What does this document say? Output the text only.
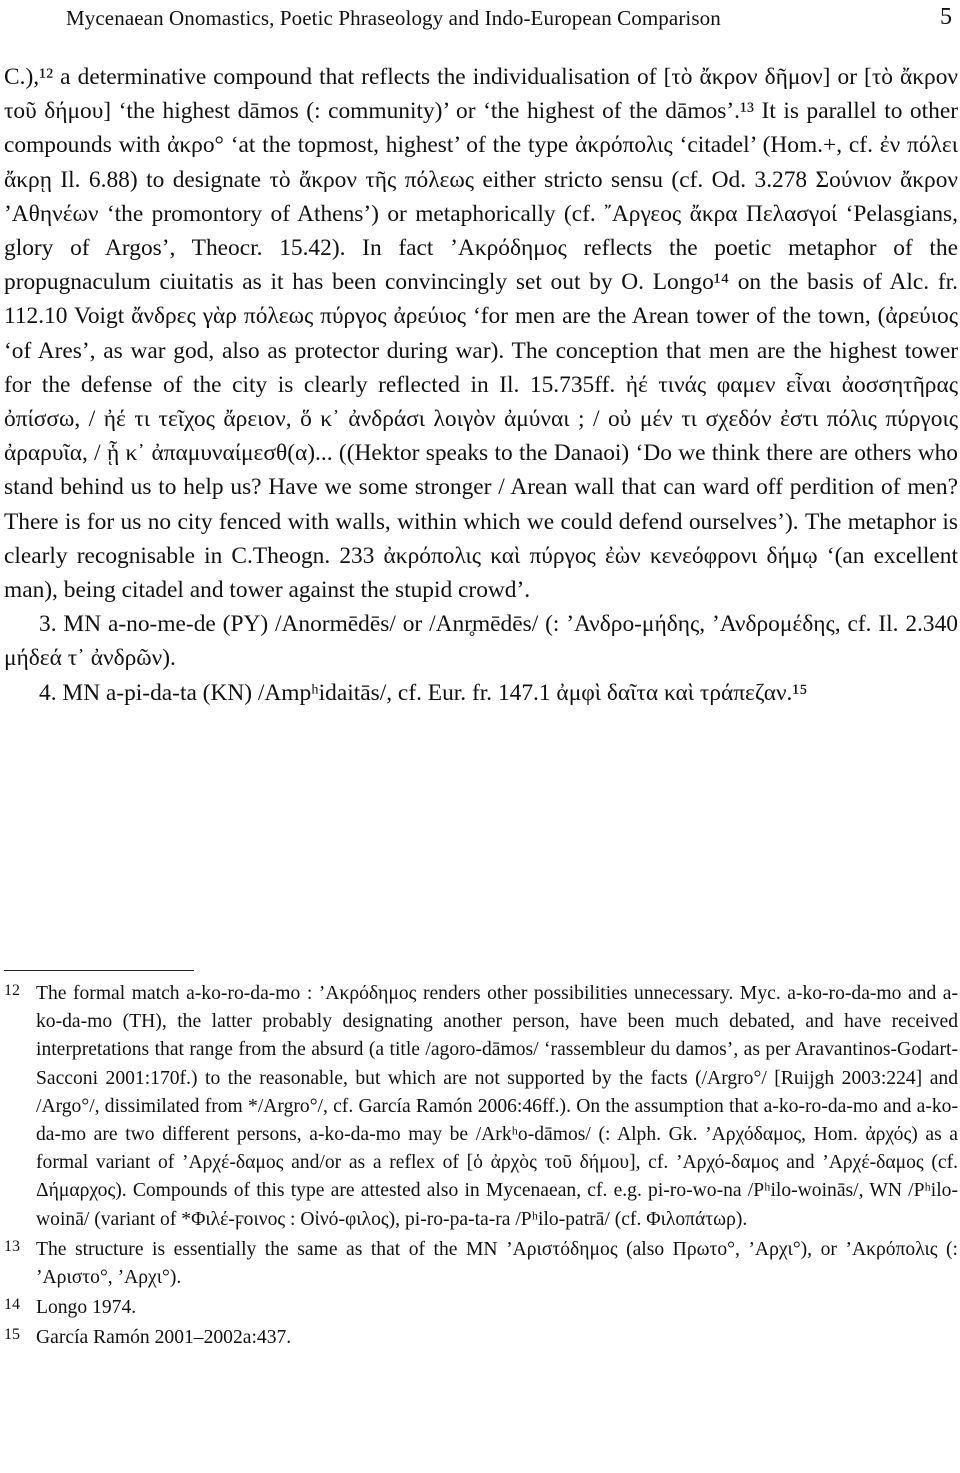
Mycenaean Onomastics, Poetic Phraseology and Indo-European Comparison	5

C.),¹² a determinative compound that reflects the individualisation of [τὸ ἄκρον δῆμον] or [τὸ ἄκρον τοῦ δήμου] ‘the highest dāmos (: community)’ or ‘the highest of the dāmos’.¹³ It is parallel to other compounds with ἀκρο° ‘at the topmost, highest’ of the type ἀκρόπολις ‘citadel’ (Hom.+, cf. ἐν πόλει ἄκρῃ Il. 6.88) to designate τὸ ἄκρον τῆς πόλεως either stricto sensu (cf. Od. 3.278 Σούνιον ἄκρον ’Αθηνέων ‘the promontory of Athens’) or metaphorically (cf. ῎Αργεος ἄκρα Πελασγοί ‘Pelasgians, glory of Argos’, Theocr. 15.42). In fact ’Ακρόδημος reflects the poetic metaphor of the propugnaculum ciuitatis as it has been convincingly set out by O. Longo¹⁴ on the basis of Alc. fr. 112.10 Voigt ἄνδρες γὰρ πόλεως πύργος ἀρεύιος ‘for men are the Arean tower of the town, (ἀρεύιος ‘of Ares’, as war god, also as protector during war). The conception that men are the highest tower for the defense of the city is clearly reflected in Il. 15.735ff. ἠέ τινάς φαμεν εἶναι ἀοσσητῆρας ὀπίσσω, / ἠέ τι τεῖχος ἄρειον, ὅ κ᾽ ἀνδράσι λοιγὸν ἀμύναι ; / οὐ μέν τι σχεδόν ἐστι πόλις πύργοις ἀραρυῖα, / ᾗ κ᾽ ἀπαμυναίμεσθ(α)... ((Hektor speaks to the Danaoi) ‘Do we think there are others who stand behind us to help us? Have we some stronger / Arean wall that can ward off perdition of men? There is for us no city fenced with walls, within which we could defend ourselves’). The metaphor is clearly recognisable in C.Theogn. 233 ἀκρόπολις καὶ πύργος ἐὼν κενεόφρονι δήμῳ ‘(an excellent man), being citadel and tower against the stupid crowd’.

3. MN a-no-me-de (PY) /Anormēdēs/ or /Anr̥mēdēs/ (: ’Ανδρο-μήδης, ’Ανδρομέδης, cf. Il. 2.340 μήδεά τ᾽ ἀνδρῶν).

4. MN a-pi-da-ta (KN) /Ampʰidaitās/, cf. Eur. fr. 147.1 ἀμφὶ δαῖτα καὶ τράπεζαν.¹⁵

12 The formal match a-ko-ro-da-mo : ’Ακρόδημος renders other possibilities unnecessary. Myc. a-ko-ro-da-mo and a-ko-da-mo (TH), the latter probably designating another person, have been much debated, and have received interpretations that range from the absurd (a title /agoro-dāmos/ ‘rassembleur du damos’, as per Aravantinos-Godart-Sacconi 2001:170f.) to the reasonable, but which are not supported by the facts (/Argro°/ [Ruijgh 2003:224] and /Argo°/, dissimilated from */Argro°/, cf. García Ramón 2006:46ff.). On the assumption that a-ko-ro-da-mo and a-ko-da-mo are two different persons, a-ko-da-mo may be /Arkʰo-dāmos/ (: Alph. Gk. ’Αρχόδαμος, Hom. ἀρχός) as a formal variant of ’Αρχέ-δαμος and/or as a reflex of [ὁ ἀρχὸς τοῦ δήμου], cf. ’Αρχό-δαμος and ’Αρχέ-δαμος (cf. Δήμαρχος). Compounds of this type are attested also in Mycenaean, cf. e.g. pi-ro-wo-na /Pʰilo-woinās/, WN /Pʰilo-woinā/ (variant of *Φιλέ-ϝοινος : Οἰνό-φιλος), pi-ro-pa-ta-ra /Pʰilo-patrā/ (cf. Φιλοπάτωρ).
13 The structure is essentially the same as that of the MN ’Αριστόδημος (also Πρωτο°, ’Αρχι°), or ’Ακρόπολις (: ’Αριστο°, ’Αρχι°).
14 Longo 1974.
15 García Ramón 2001–2002a:437.
